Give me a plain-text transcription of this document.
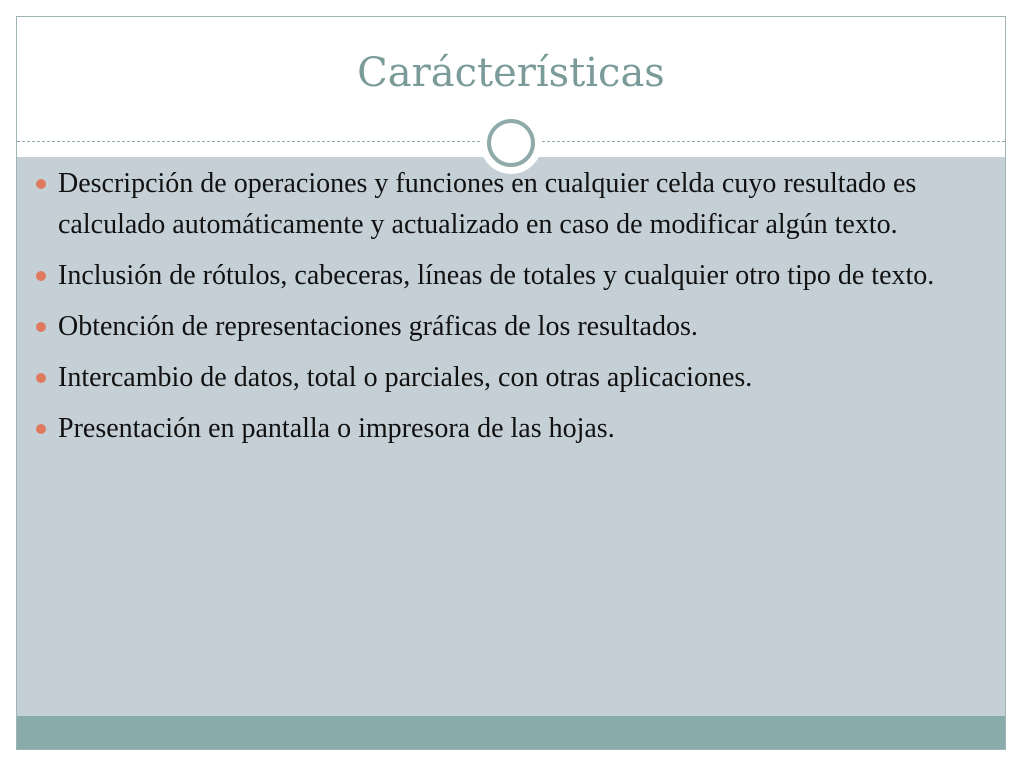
Carácterísticas
Descripción de operaciones y funciones en cualquier celda cuyo resultado es calculado automáticamente y actualizado en caso de modificar algún texto.
Inclusión de rótulos, cabeceras, líneas de totales y cualquier otro tipo de texto.
Obtención de representaciones gráficas de los resultados.
Intercambio de datos, total o parciales, con otras aplicaciones.
Presentación en pantalla o impresora de las hojas.
